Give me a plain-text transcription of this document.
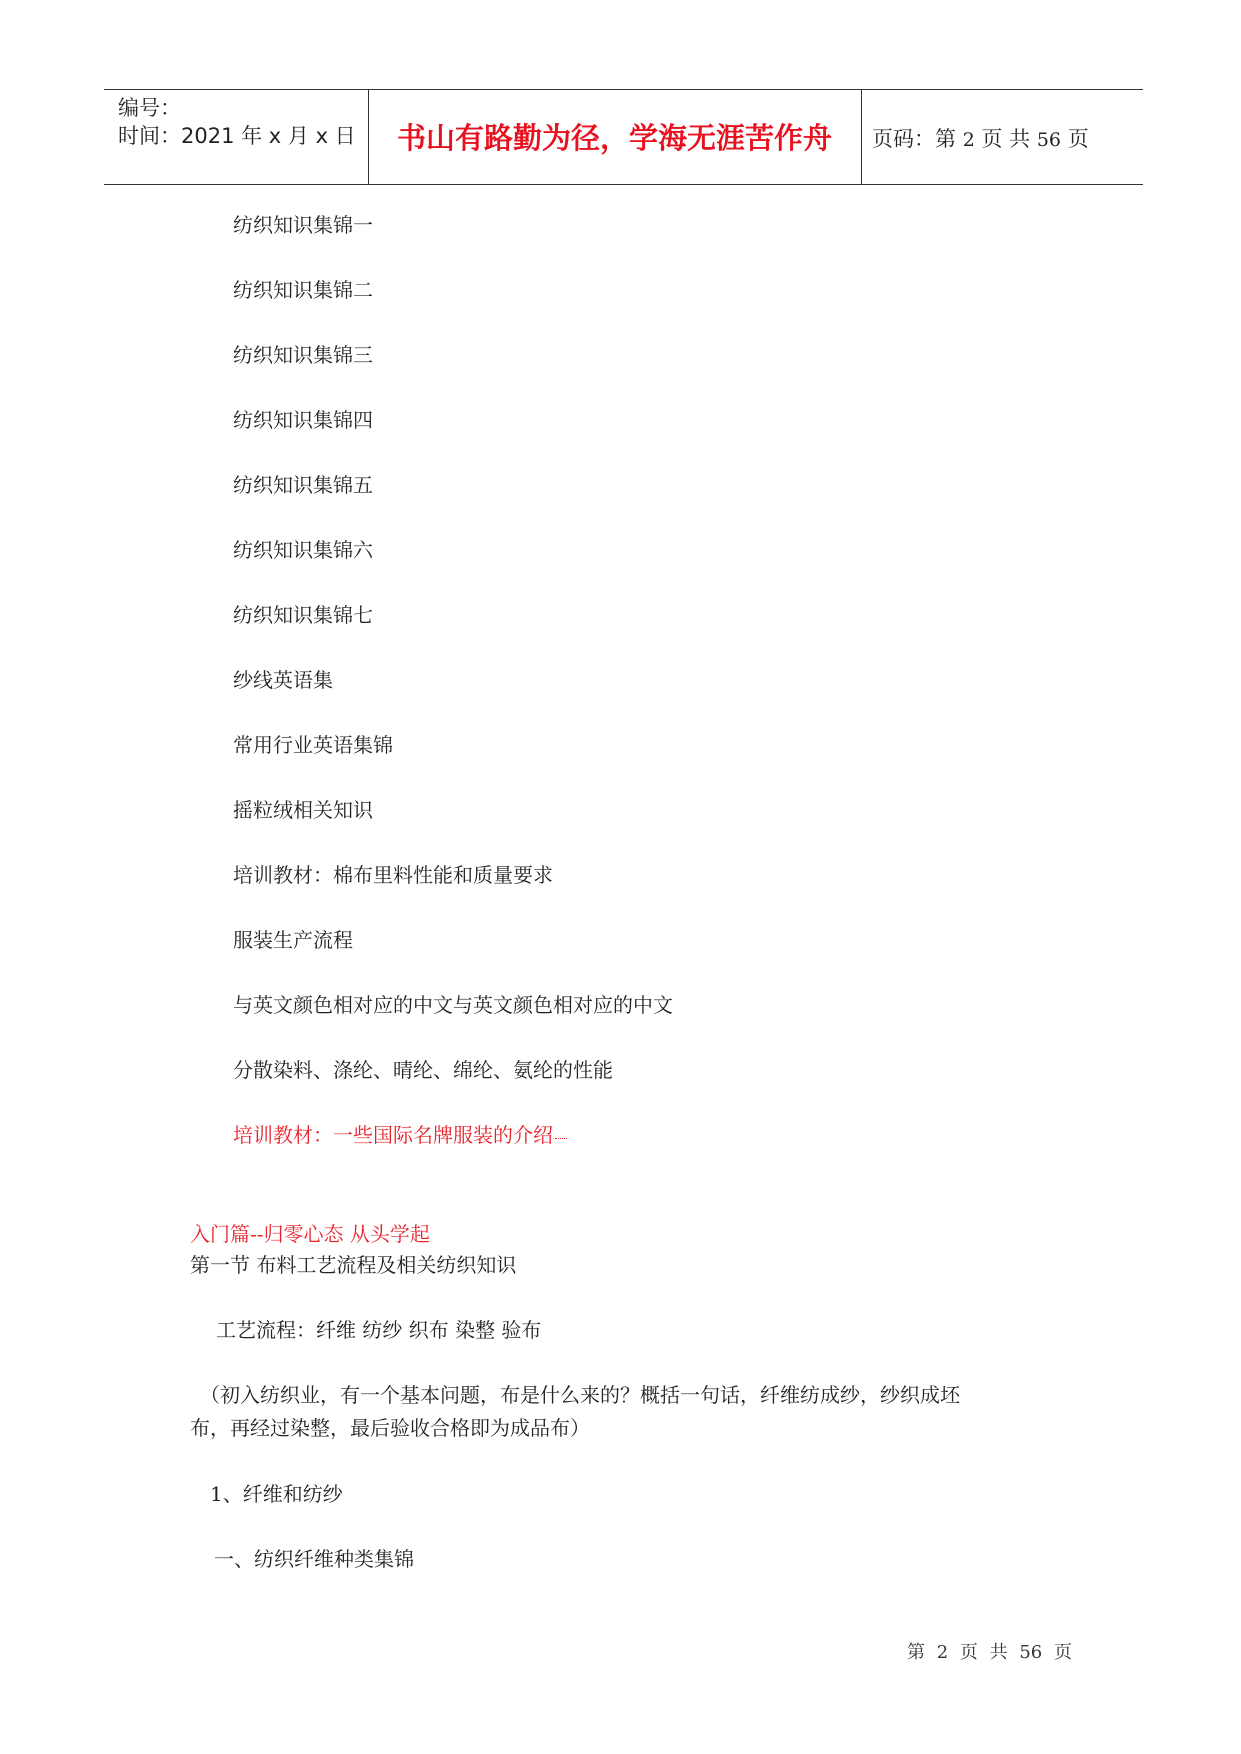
编号：
时间：2021 年 x 月 x 日	书山有路勤为径，学海无涯苦作舟	页码：第 2 页 共 56 页
纺织知识集锦一
纺织知识集锦二
纺织知识集锦三
纺织知识集锦四
纺织知识集锦五
纺织知识集锦六
纺织知识集锦七
纱线英语集
常用行业英语集锦
摇粒绒相关知识
培训教材：棉布里料性能和质量要求
服装生产流程
与英文颜色相对应的中文与英文颜色相对应的中文
分散染料、涤纶、晴纶、绵纶、氨纶的性能
培训教材：一些国际名牌服装的介绍
入门篇--归零心态 从头学起
第一节 布料工艺流程及相关纺织知识
工艺流程：纤维 纺纱 织布 染整 验布
（初入纺织业，有一个基本问题，布是什么来的？概括一句话，纤维纺成纱，纱织成坯
布，再经过染整，最后验收合格即为成品布）
1、纤维和纺纱
一、纺织纤维种类集锦
第 2 页 共 56 页
